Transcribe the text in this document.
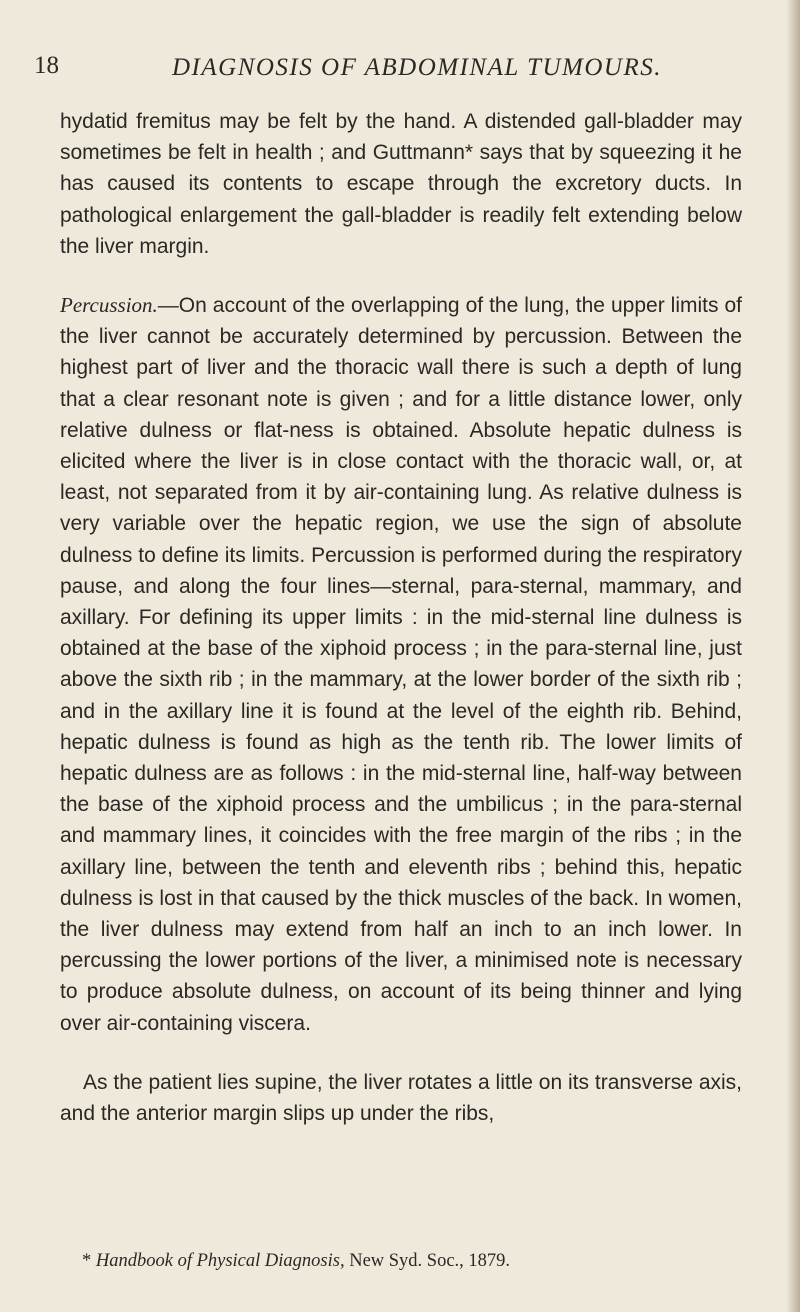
18	DIAGNOSIS OF ABDOMINAL TUMOURS.

hydatid fremitus may be felt by the hand. A distended gall-bladder may sometimes be felt in health ; and Guttmann* says that by squeezing it he has caused its contents to escape through the excretory ducts. In pathological enlargement the gall-bladder is readily felt extending below the liver margin.

Percussion.—On account of the overlapping of the lung, the upper limits of the liver cannot be accurately determined by percussion. Between the highest part of liver and the thoracic wall there is such a depth of lung that a clear resonant note is given ; and for a little distance lower, only relative dulness or flat-ness is obtained. Absolute hepatic dulness is elicited where the liver is in close contact with the thoracic wall, or, at least, not separated from it by air-containing lung. As relative dulness is very variable over the hepatic region, we use the sign of absolute dulness to define its limits. Percussion is performed during the respiratory pause, and along the four lines—sternal, para-sternal, mammary, and axillary. For defining its upper limits : in the mid-sternal line dulness is obtained at the base of the xiphoid process ; in the para-sternal line, just above the sixth rib ; in the mammary, at the lower border of the sixth rib ; and in the axillary line it is found at the level of the eighth rib. Behind, hepatic dulness is found as high as the tenth rib. The lower limits of hepatic dulness are as follows : in the mid-sternal line, half-way between the base of the xiphoid process and the umbilicus ; in the para-sternal and mammary lines, it coincides with the free margin of the ribs ; in the axillary line, between the tenth and eleventh ribs ; behind this, hepatic dulness is lost in that caused by the thick muscles of the back. In women, the liver dulness may extend from half an inch to an inch lower. In percussing the lower portions of the liver, a minimised note is necessary to produce absolute dulness, on account of its being thinner and lying over air-containing viscera.

As the patient lies supine, the liver rotates a little on its transverse axis, and the anterior margin slips up under the ribs,

* Handbook of Physical Diagnosis, New Syd. Soc., 1879.
